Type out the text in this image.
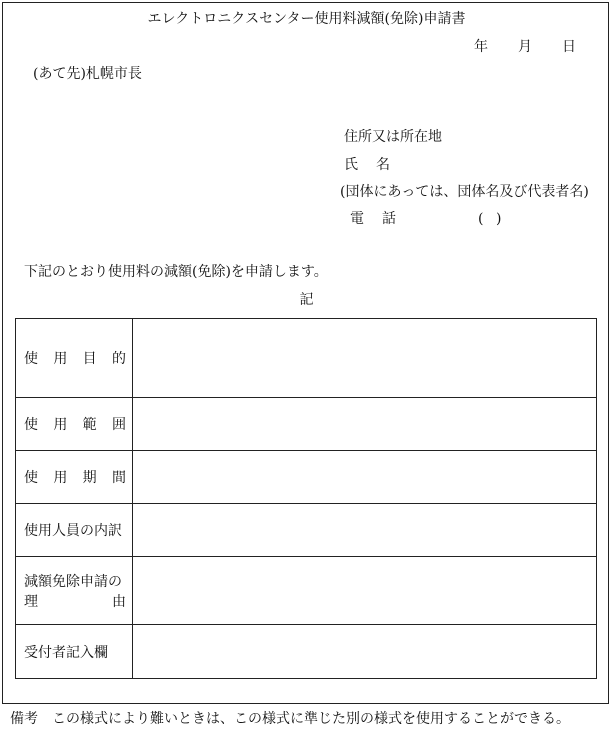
エレクトロニクスセンター使用料減額(免除)申請書
年 月 日
(あて先)札幌市長
住所又は所在地
氏 名
(団体にあっては、団体名及び代表者名)
電 話	( )
下記のとおり使用料の減額(免除)を申請します。
記
使 用 目 的	

使 用 範 囲	

使 用 期 間	

使用人員の内訳	

減額免除申請の
理 由	

受付者記入欄	
備考　この様式により難いときは、この様式に準じた別の様式を使用することができる。
